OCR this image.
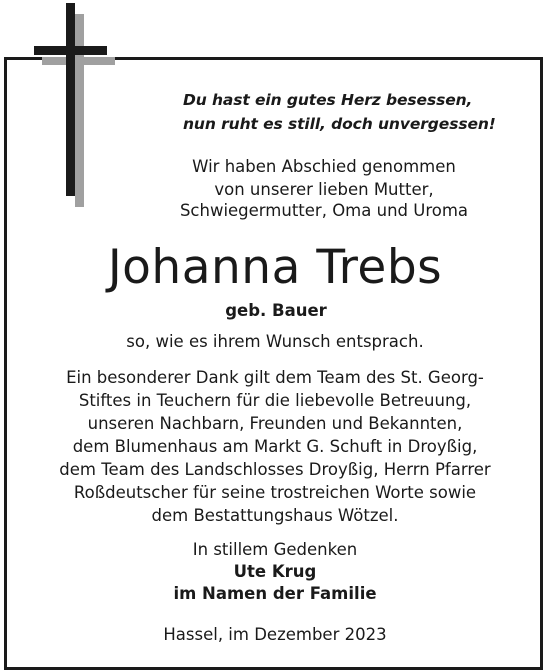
Du hast ein gutes Herz besessen,

nun ruht es still, doch unvergessen!

Wir haben Abschied genommen

von unserer lieben Mutter,

Schwiegermutter, Oma und Uroma

Johanna Trebs

geb. Bauer

so, wie es ihrem Wunsch entsprach.

Ein besonderer Dank gilt dem Team des St. Georg-

Stiftes in Teuchern für die liebevolle Betreuung,

unseren Nachbarn, Freunden und Bekannten,

dem Blumenhaus am Markt G. Schuft in Droyßig,

dem Team des Landschlosses Droyßig, Herrn Pfarrer

Roßdeutscher für seine trostreichen Worte sowie

dem Bestattungshaus Wötzel.

In stillem Gedenken

Ute Krug

im Namen der Familie

Hassel, im Dezember 2023
